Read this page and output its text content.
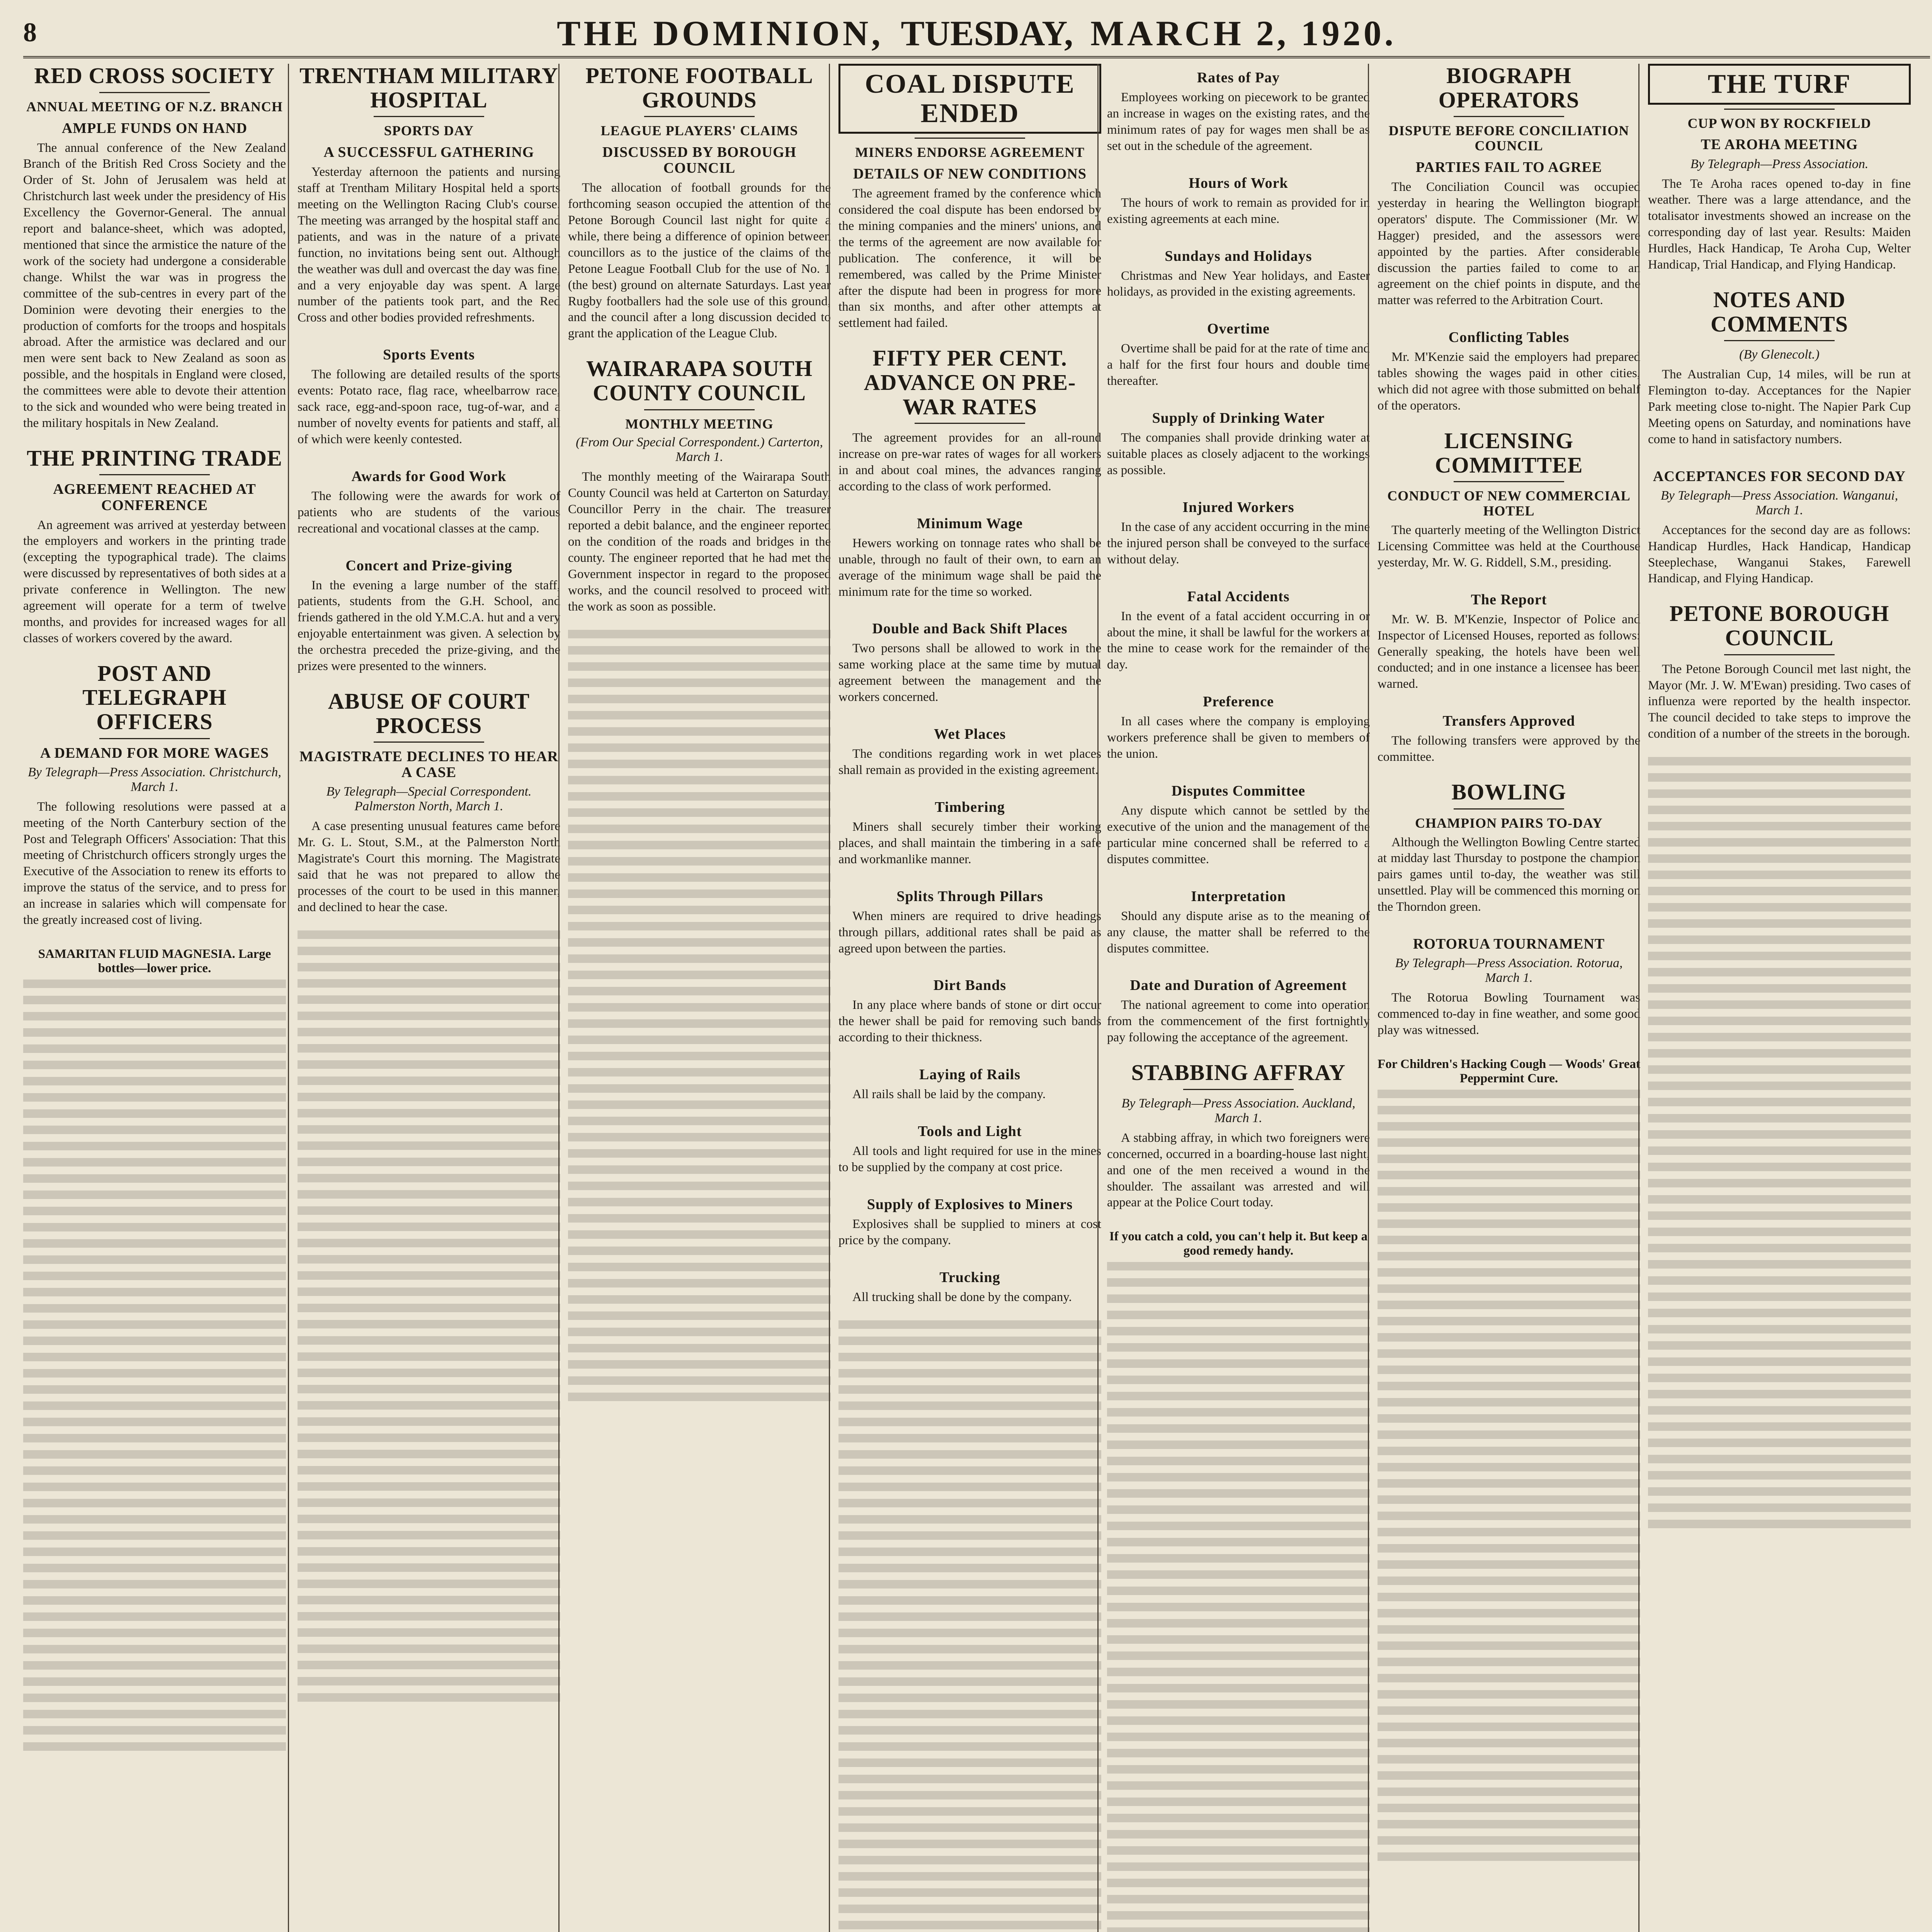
8	THE DOMINION, TUESDAY, MARCH 2, 1920.
RED CROSS SOCIETY
ANNUAL MEETING OF N.Z. BRANCH
AMPLE FUNDS ON HAND

The annual conference of the New Zealand Branch of the British Red Cross Society and the Order of St. John of Jerusalem was held at Christchurch last week under the presidency of His Excellency the Governor-General. The annual report and balance-sheet, which was adopted, mentioned that since the armistice the nature of the work of the society had undergone a considerable change. Whilst the war was in progress the committee of the sub-centres in every part of the Dominion were devoting their energies to the production of comforts for the troops and hospitals abroad. After the armistice was declared and our men were sent back to New Zealand as soon as possible, and the hospitals in England were closed, the committees were able to devote their attention to the sick and wounded who were being treated in the military hospitals in New Zealand.

THE PRINTING TRADE
AGREEMENT REACHED AT CONFERENCE

An agreement was arrived at yesterday between the employers and workers in the printing trade (excepting the typographical trade). The claims were discussed by representatives of both sides at a private conference in Wellington. The new agreement will operate for a term of twelve months, and provides for increased wages for all classes of workers covered by the award.

POST AND TELEGRAPH OFFICERS
A DEMAND FOR MORE WAGES
By Telegraph—Press Association. Christchurch, March 1.

The following resolutions were passed at a meeting of the North Canterbury section of the Post and Telegraph Officers' Association: That this meeting of Christchurch officers strongly urges the Executive of the Association to renew its efforts to improve the status of the service, and to press for an increase in salaries which will compensate for the greatly increased cost of living.

SAMARITAN FLUID MAGNESIA. Large bottles—lower price.
TRENTHAM MILITARY HOSPITAL
SPORTS DAY
A SUCCESSFUL GATHERING

Yesterday afternoon the patients and nursing staff at Trentham Military Hospital held a sports meeting on the Wellington Racing Club's course. The meeting was arranged by the hospital staff and patients, and was in the nature of a private function, no invitations being sent out. Although the weather was dull and overcast the day was fine, and a very enjoyable day was spent. A large number of the patients took part, and the Red Cross and other bodies provided refreshments.

Sports Events

The following are detailed results of the sports events: Potato race, flag race, wheelbarrow race, sack race, egg-and-spoon race, tug-of-war, and a number of novelty events for patients and staff, all of which were keenly contested.

Awards for Good Work

The following were the awards for work of patients who are students of the various recreational and vocational classes at the camp.

Concert and Prize-giving

In the evening a large number of the staff, patients, students from the G.H. School, and friends gathered in the old Y.M.C.A. hut and a very enjoyable entertainment was given. A selection by the orchestra preceded the prize-giving, and the prizes were presented to the winners.

ABUSE OF COURT PROCESS
MAGISTRATE DECLINES TO HEAR A CASE
By Telegraph—Special Correspondent. Palmerston North, March 1.

A case presenting unusual features came before Mr. G. L. Stout, S.M., at the Palmerston North Magistrate's Court this morning. The Magistrate said that he was not prepared to allow the processes of the court to be used in this manner, and declined to hear the case.

PETONE FOOTBALL GROUNDS
LEAGUE PLAYERS' CLAIMS
DISCUSSED BY BOROUGH COUNCIL

The allocation of football grounds for the forthcoming season occupied the attention of the Petone Borough Council last night for quite a while, there being a difference of opinion between councillors as to the justice of the claims of the Petone League Football Club for the use of No. 1 (the best) ground on alternate Saturdays. Last year Rugby footballers had the sole use of this ground, and the council after a long discussion decided to grant the application of the League Club.

WAIRARAPA SOUTH COUNTY COUNCIL
MONTHLY MEETING
(From Our Special Correspondent.) Carterton, March 1.

The monthly meeting of the Wairarapa South County Council was held at Carterton on Saturday, Councillor Perry in the chair. The treasurer reported a debit balance, and the engineer reported on the condition of the roads and bridges in the county. The engineer reported that he had met the Government inspector in regard to the proposed works, and the council resolved to proceed with the work as soon as possible.

COAL DISPUTE ENDED
MINERS ENDORSE AGREEMENT
DETAILS OF NEW CONDITIONS

The agreement framed by the conference which considered the coal dispute has been endorsed by the mining companies and the miners' unions, and the terms of the agreement are now available for publication. The conference, it will be remembered, was called by the Prime Minister after the dispute had been in progress for more than six months, and after other attempts at settlement had failed.

FIFTY PER CENT. ADVANCE ON PRE-WAR RATES

The agreement provides for an all-round increase on pre-war rates of wages for all workers in and about coal mines, the advances ranging according to the class of work performed.

Minimum Wage

Hewers working on tonnage rates who shall be unable, through no fault of their own, to earn an average of the minimum wage shall be paid the minimum rate for the time so worked.

Double and Back Shift Places

Two persons shall be allowed to work in the same working place at the same time by mutual agreement between the management and the workers concerned.

Wet Places

The conditions regarding work in wet places shall remain as provided in the existing agreement.

Timbering

Miners shall securely timber their working places, and shall maintain the timbering in a safe and workmanlike manner.

Splits Through Pillars

When miners are required to drive headings through pillars, additional rates shall be paid as agreed upon between the parties.

Dirt Bands

In any place where bands of stone or dirt occur the hewer shall be paid for removing such bands according to their thickness.

Laying of Rails

All rails shall be laid by the company.

Tools and Light

All tools and light required for use in the mines to be supplied by the company at cost price.

Supply of Explosives to Miners

Explosives shall be supplied to miners at cost price by the company.

Trucking

All trucking shall be done by the company.

Rates of Pay

Employees working on piecework to be granted an increase in wages on the existing rates, and the minimum rates of pay for wages men shall be as set out in the schedule of the agreement.

Hours of Work

The hours of work to remain as provided for in existing agreements at each mine.

Sundays and Holidays

Christmas and New Year holidays, and Easter holidays, as provided in the existing agreements.

Overtime

Overtime shall be paid for at the rate of time and a half for the first four hours and double time thereafter.

Supply of Drinking Water

The companies shall provide drinking water at suitable places as closely adjacent to the workings as possible.

Injured Workers

In the case of any accident occurring in the mine the injured person shall be conveyed to the surface without delay.

Fatal Accidents

In the event of a fatal accident occurring in or about the mine, it shall be lawful for the workers at the mine to cease work for the remainder of the day.

Preference

In all cases where the company is employing workers preference shall be given to members of the union.

Disputes Committee

Any dispute which cannot be settled by the executive of the union and the management of the particular mine concerned shall be referred to a disputes committee.

Interpretation

Should any dispute arise as to the meaning of any clause, the matter shall be referred to the disputes committee.

Date and Duration of Agreement

The national agreement to come into operation from the commencement of the first fortnightly pay following the acceptance of the agreement.

STABBING AFFRAY
By Telegraph—Press Association. Auckland, March 1.

A stabbing affray, in which two foreigners were concerned, occurred in a boarding-house last night, and one of the men received a wound in the shoulder. The assailant was arrested and will appear at the Police Court today.

If you catch a cold, you can't help it. But keep a good remedy handy.
BIOGRAPH OPERATORS
DISPUTE BEFORE CONCILIATION COUNCIL
PARTIES FAIL TO AGREE

The Conciliation Council was occupied yesterday in hearing the Wellington biograph operators' dispute. The Commissioner (Mr. W. Hagger) presided, and the assessors were appointed by the parties. After considerable discussion the parties failed to come to an agreement on the chief points in dispute, and the matter was referred to the Arbitration Court.

Conflicting Tables

Mr. M'Kenzie said the employers had prepared tables showing the wages paid in other cities, which did not agree with those submitted on behalf of the operators.

LICENSING COMMITTEE
CONDUCT OF NEW COMMERCIAL HOTEL

The quarterly meeting of the Wellington District Licensing Committee was held at the Courthouse yesterday, Mr. W. G. Riddell, S.M., presiding.

The Report

Mr. W. B. M'Kenzie, Inspector of Police and Inspector of Licensed Houses, reported as follows: Generally speaking, the hotels have been well conducted; and in one instance a licensee has been warned.

Transfers Approved

The following transfers were approved by the committee.

BOWLING
CHAMPION PAIRS TO-DAY

Although the Wellington Bowling Centre started at midday last Thursday to postpone the champion pairs games until to-day, the weather was still unsettled. Play will be commenced this morning on the Thorndon green.

ROTORUA TOURNAMENT
By Telegraph—Press Association. Rotorua, March 1.

The Rotorua Bowling Tournament was commenced to-day in fine weather, and some good play was witnessed.

For Children's Hacking Cough — Woods' Great Peppermint Cure.
THE TURF
CUP WON BY ROCKFIELD
TE AROHA MEETING
By Telegraph—Press Association.

The Te Aroha races opened to-day in fine weather. There was a large attendance, and the totalisator investments showed an increase on the corresponding day of last year. Results: Maiden Hurdles, Hack Handicap, Te Aroha Cup, Welter Handicap, Trial Handicap, and Flying Handicap.

NOTES AND COMMENTS
(By Glenecolt.)

The Australian Cup, 14 miles, will be run at Flemington to-day. Acceptances for the Napier Park meeting close to-night. The Napier Park Cup Meeting opens on Saturday, and nominations have come to hand in satisfactory numbers.

ACCEPTANCES FOR SECOND DAY
By Telegraph—Press Association. Wanganui, March 1.

Acceptances for the second day are as follows: Handicap Hurdles, Hack Handicap, Handicap Steeplechase, Wanganui Stakes, Farewell Handicap, and Flying Handicap.

PETONE BOROUGH COUNCIL

The Petone Borough Council met last night, the Mayor (Mr. J. W. M'Ewan) presiding. Two cases of influenza were reported by the health inspector. The council decided to take steps to improve the condition of a number of the streets in the borough.
